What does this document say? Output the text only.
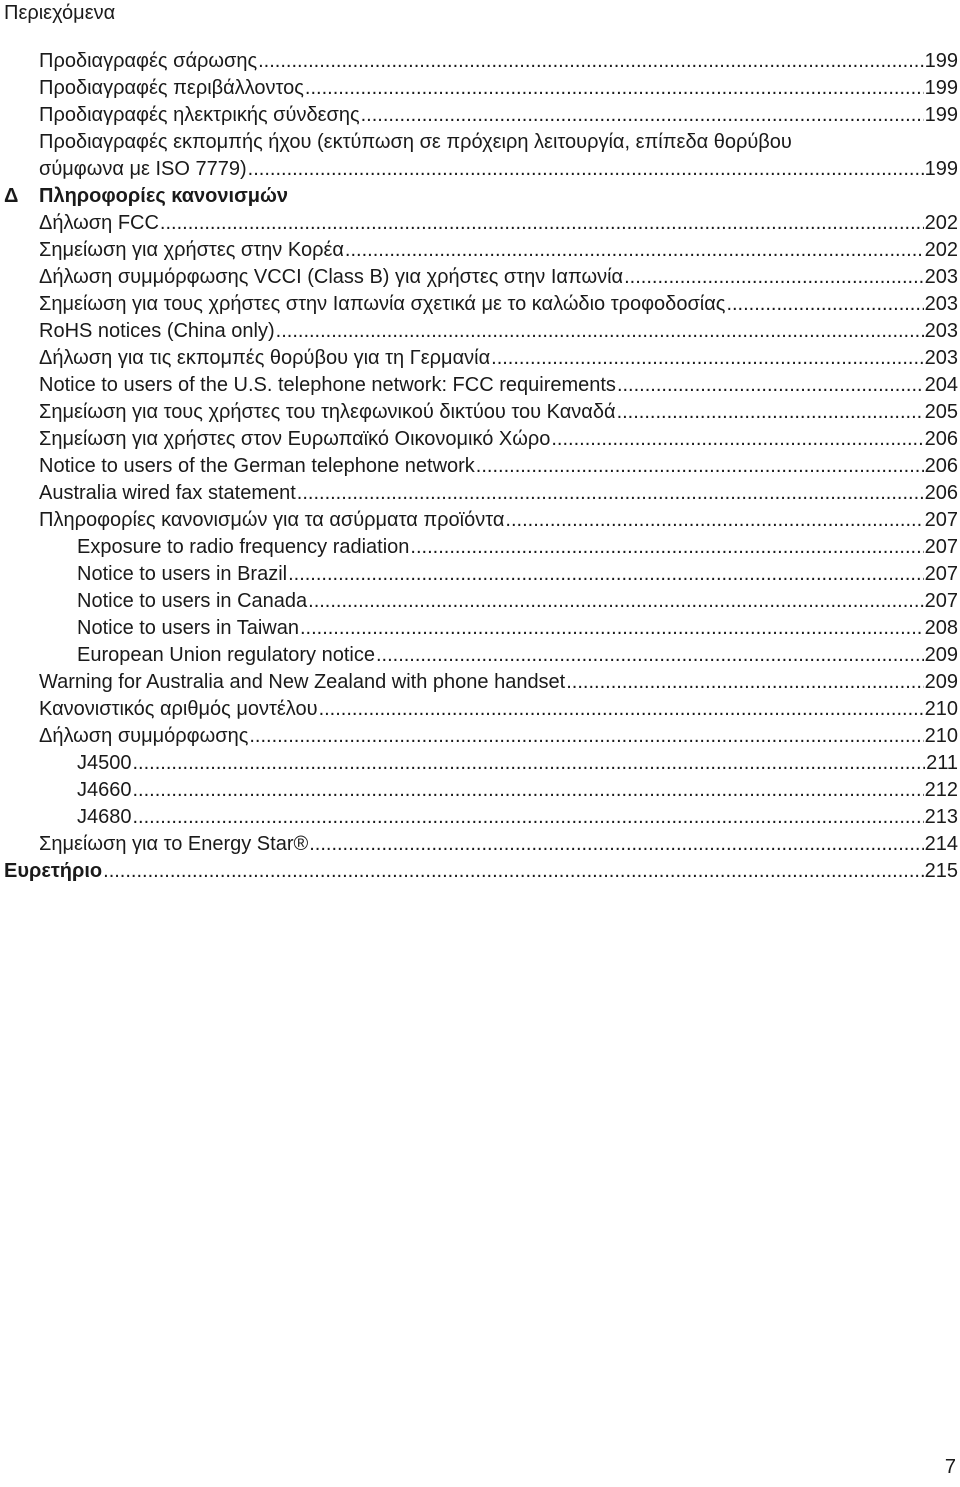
Περιεχόμενα
Προδιαγραφές σάρωσης .....	199
Προδιαγραφές περιβάλλοντος .....	199
Προδιαγραφές ηλεκτρικής σύνδεσης .....	199
Προδιαγραφές εκπομπής ήχου (εκτύπωση σε πρόχειρη λειτουργία, επίπεδα θορύβου
σύμφωνα με ISO 7779) .....	199
Δ Πληροφορίες κανονισμών
Δήλωση FCC .....	202
Σημείωση για χρήστες στην Κορέα .....	202
Δήλωση συμμόρφωσης VCCI (Class B) για χρήστες στην Ιαπωνία .....	203
Σημείωση για τους χρήστες στην Ιαπωνία σχετικά με το καλώδιο τροφοδοσίας .....	203
RoHS notices (China only) .....	203
Δήλωση για τις εκπομπές θορύβου για τη Γερμανία .....	203
Notice to users of the U.S. telephone network: FCC requirements .....	204
Σημείωση για τους χρήστες του τηλεφωνικού δικτύου του Καναδά .....	205
Σημείωση για χρήστες στον Ευρωπαϊκό Οικονομικό Χώρο .....	206
Notice to users of the German telephone network .....	206
Australia wired fax statement .....	206
Πληροφορίες κανονισμών για τα ασύρματα προϊόντα .....	207
Exposure to radio frequency radiation .....	207
Notice to users in Brazil .....	207
Notice to users in Canada .....	207
Notice to users in Taiwan .....	208
European Union regulatory notice .....	209
Warning for Australia and New Zealand with phone handset .....	209
Κανονιστικός αριθμός μοντέλου .....	210
Δήλωση συμμόρφωσης .....	210
J4500 .....	211
J4660 .....	212
J4680 .....	213
Σημείωση για το Energy Star® .....	214
Ευρετήριο .....	215
7
